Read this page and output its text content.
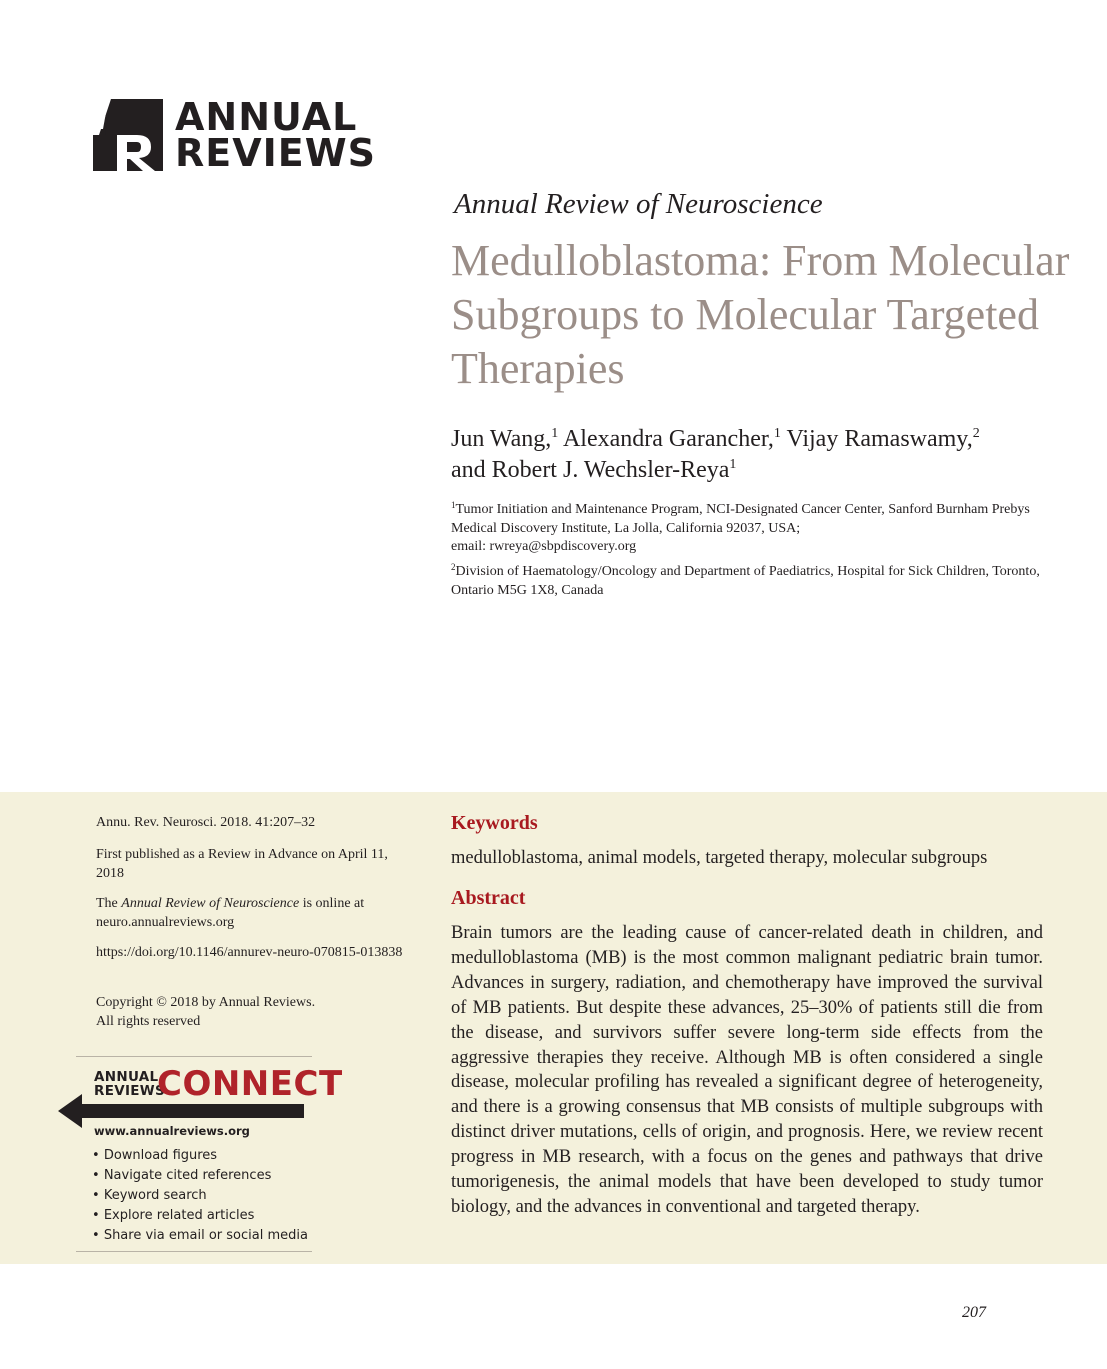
ANNUAL
REVIEWS
Annual Review of Neuroscience
Medulloblastoma: From Molecular Subgroups to Molecular Targeted Therapies
Jun Wang,$^1$ Alexandra Garancher,$^1$ Vijay Ramaswamy,$^2$
and Robert J. Wechsler-Reya$^1$
$^1$Tumor Initiation and Maintenance Program, NCI-Designated Cancer Center, Sanford Burnham Prebys Medical Discovery Institute, La Jolla, California 92037, USA;
email: rwreya@sbpdiscovery.org
$^2$Division of Haematology/Oncology and Department of Paediatrics, Hospital for Sick Children, Toronto, Ontario M5G 1X8, Canada
Annu. Rev. Neurosci. 2018. 41:207–32
First published as a Review in Advance on April 11, 2018
The Annual Review of Neuroscience is online at neuro.annualreviews.org
https://doi.org/10.1146/annurev-neuro-070815-013838
Copyright © 2018 by Annual Reviews.
All rights reserved
ANNUAL
REVIEWS
CONNECT
www.annualreviews.org
• Download figures
• Navigate cited references
• Keyword search
• Explore related articles
• Share via email or social media
Keywords
medulloblastoma, animal models, targeted therapy, molecular subgroups
Abstract

Brain tumors are the leading cause of cancer-related death in children, and medulloblastoma (MB) is the most common malignant pediatric brain tumor. Advances in surgery, radiation, and chemotherapy have improved the survival of MB patients. But despite these advances, 25–30% of patients still die from the disease, and survivors suffer severe long-term side effects from the aggressive therapies they receive. Although MB is often considered a single disease, molecular profiling has revealed a significant degree of heterogeneity, and there is a growing consensus that MB consists of multiple subgroups with distinct driver mutations, cells of origin, and prognosis. Here, we review recent progress in MB research, with a focus on the genes and pathways that drive tumorigenesis, the animal models that have been developed to study tumor biology, and the advances in conventional and targeted therapy.

207
